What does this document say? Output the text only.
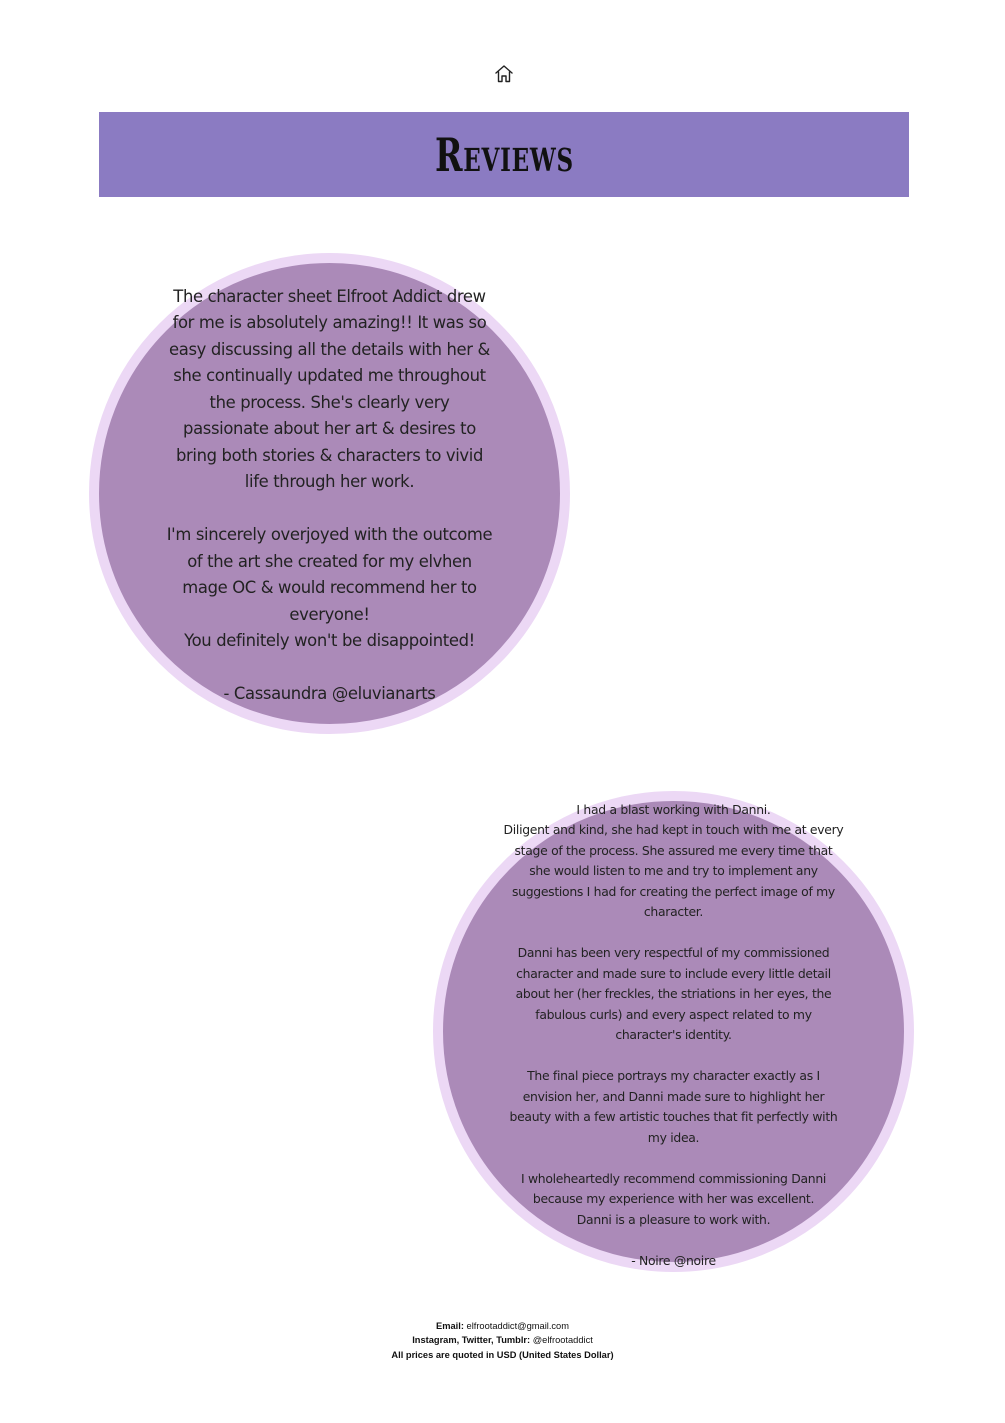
Reviews
The character sheet Elfroot Addict drew for me is absolutely amazing!! It was so easy discussing all the details with her & she continually updated me throughout the process. She's clearly very passionate about her art & desires to bring both stories & characters to vivid life through her work.

I'm sincerely overjoyed with the outcome of the art she created for my elvhen mage OC & would recommend her to everyone!
You definitely won't be disappointed!

- Cassaundra @eluvianarts
I had a blast working with Danni.
Diligent and kind, she had kept in touch with me at every stage of the process. She assured me every time that she would listen to me and try to implement any suggestions I had for creating the perfect image of my character.

Danni has been very respectful of my commissioned character and made sure to include every little detail about her (her freckles, the striations in her eyes, the fabulous curls) and every aspect related to my character's identity.

The final piece portrays my character exactly as I envision her, and Danni made sure to highlight her beauty with a few artistic touches that fit perfectly with my idea.

I wholeheartedly recommend commissioning Danni because my experience with her was excellent.
Danni is a pleasure to work with.

- Noire @noire
Email: elfrootaddict@gmail.com
Instagram, Twitter, Tumblr: @elfrootaddict
All prices are quoted in USD (United States Dollar)
